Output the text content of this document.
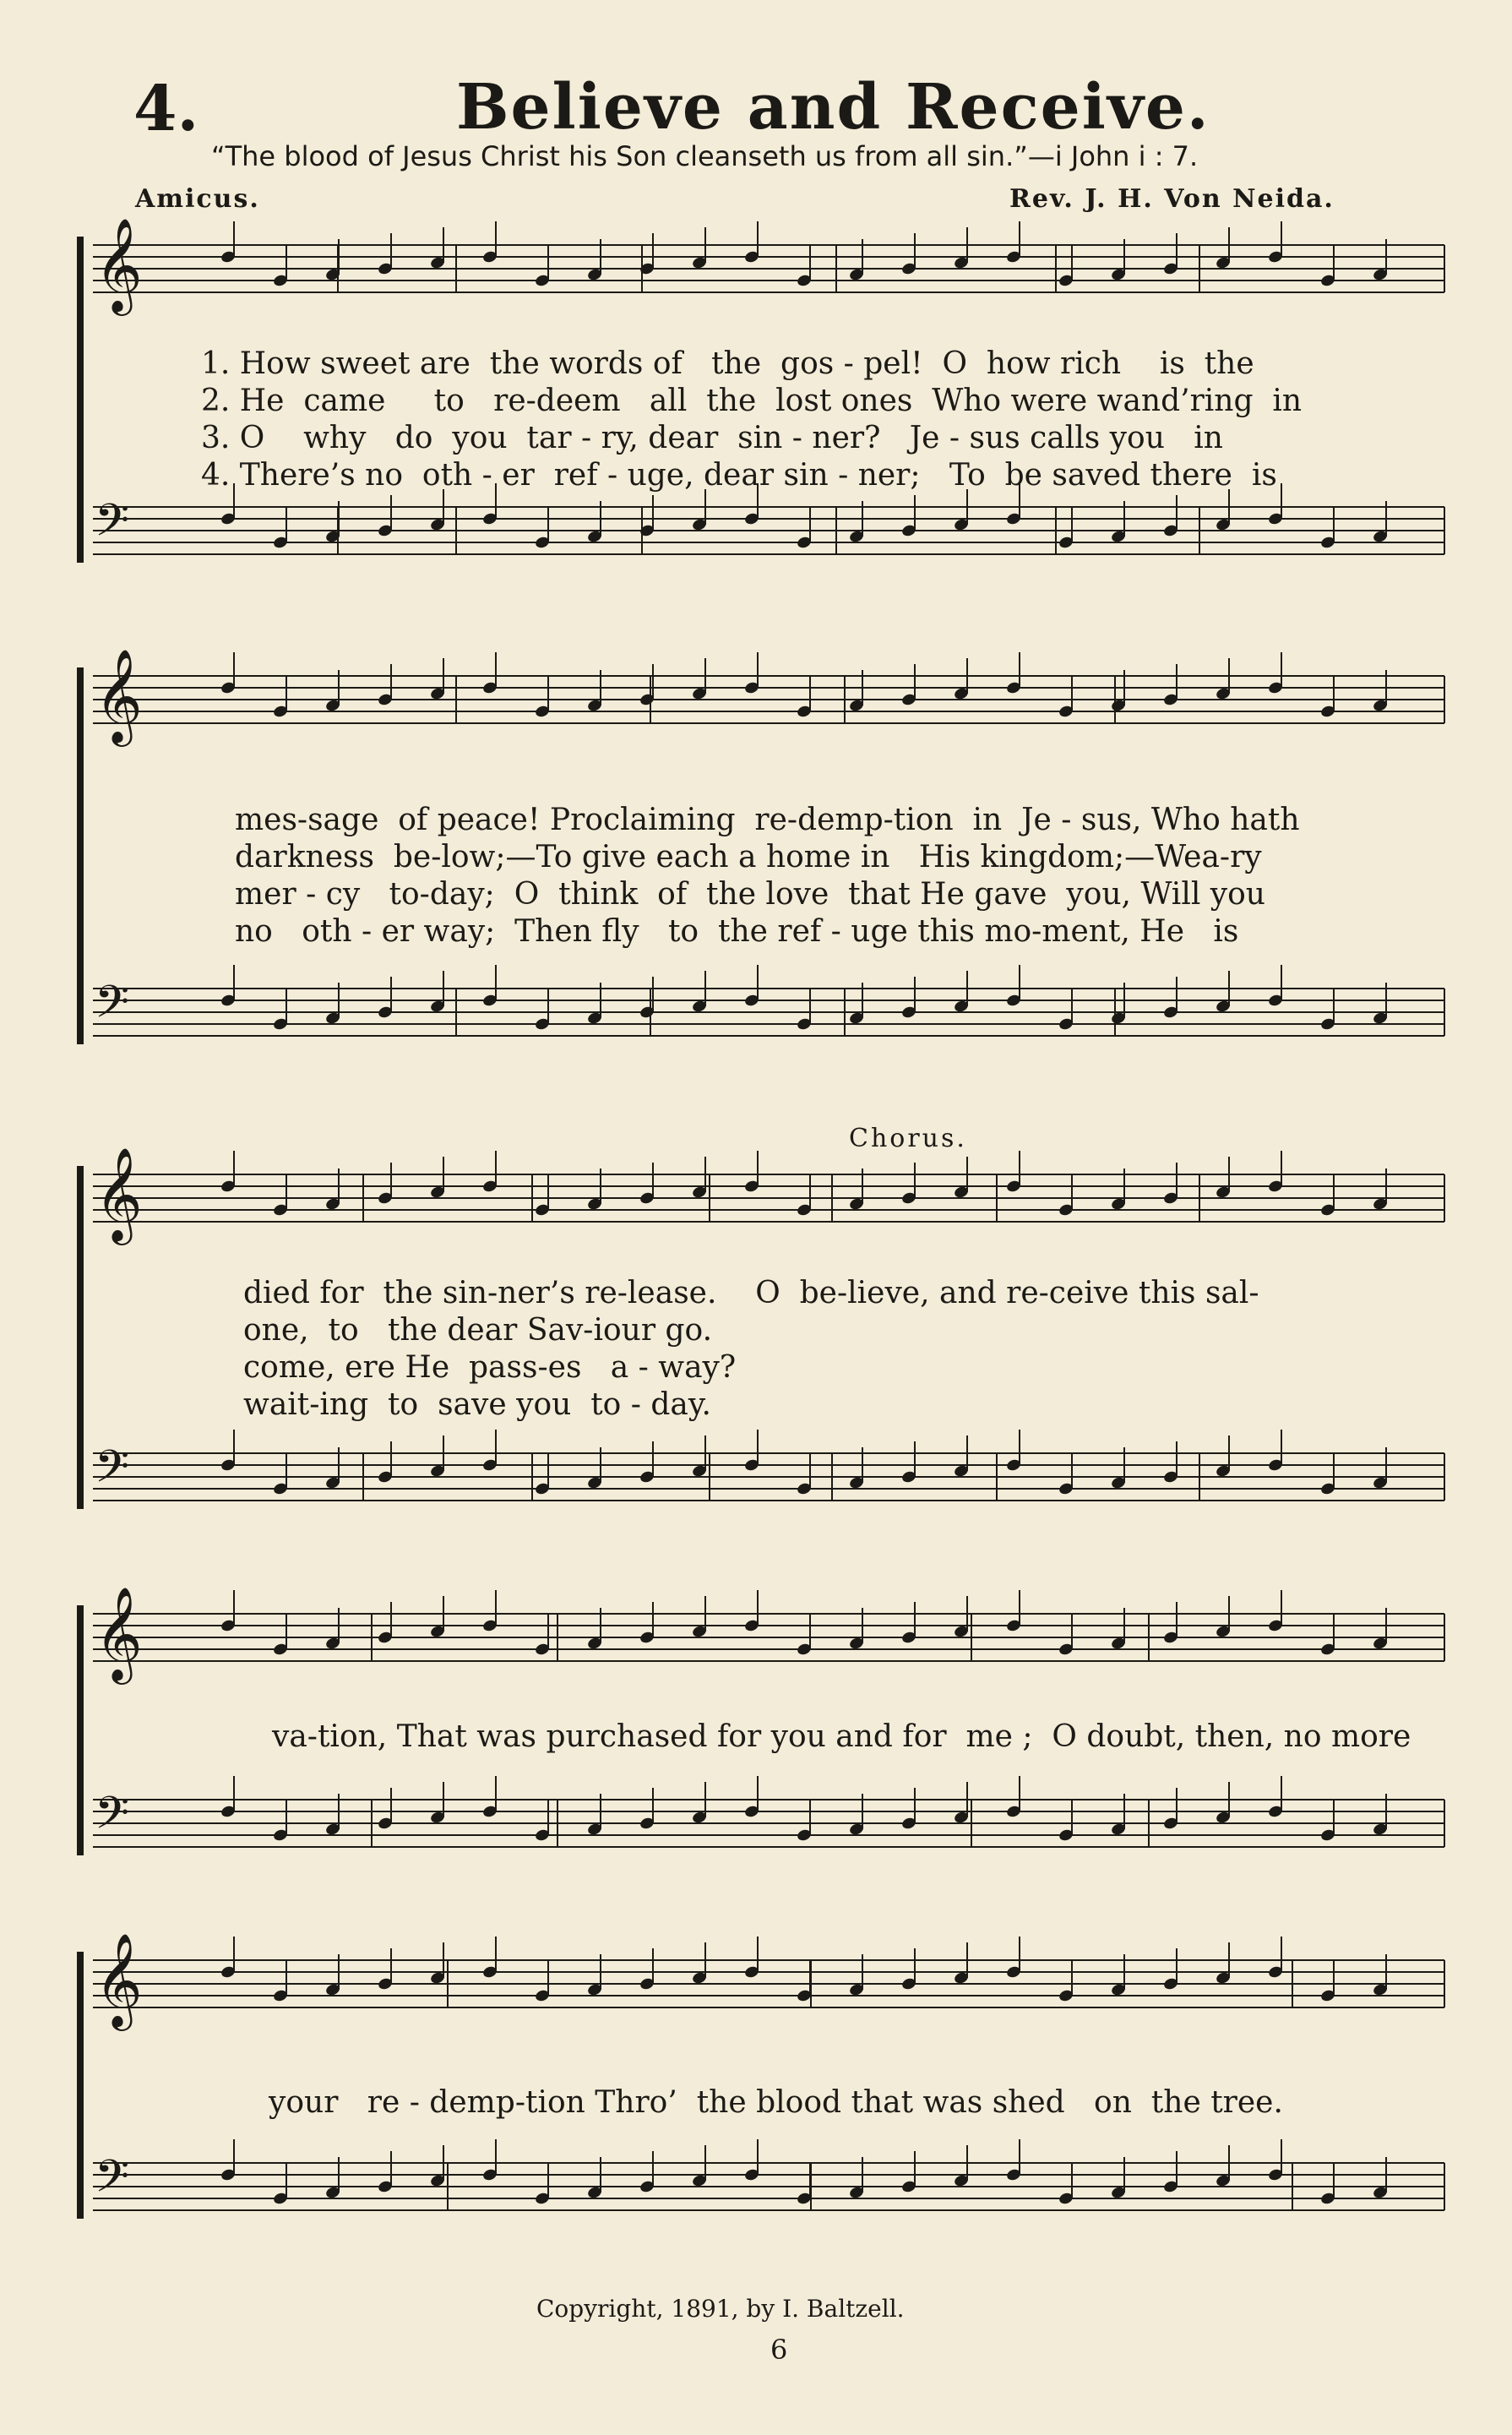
4.	Believe and Receive.
“The blood of Jesus Christ his Son cleanseth us from all sin.”—i John i : 7.
Amicus.	Rev. J. H. Von Neida.
𝄞
𝄢
𝄞
𝄢
𝄞
𝄢
𝄞
𝄢
𝄞
𝄢
1. How sweet are  the words of   the  gos - pel!  O  how rich    is  the
2. He  came     to   re-deem   all  the  lost ones  Who were wand’ring  in
3. O    why   do  you  tar - ry, dear  sin - ner?   Je - sus calls you   in
4. There’s no  oth - er  ref - uge, dear sin - ner;   To  be saved there  is
mes-sage  of peace! Proclaiming  re-demp-tion  in  Je - sus, Who hath
darkness  be-low;—To give each a home in   His kingdom;—Wea-ry
mer - cy   to-day;  O  think  of  the love  that He gave  you, Will you
no   oth - er way;  Then fly   to  the ref - uge this mo-ment, He   is
Chorus.
died for  the sin-ner’s re-lease.    O  be-lieve, and re-ceive this sal-
one,  to   the dear Sav-iour go.
come, ere He  pass-es   a - way?
wait-ing  to  save you  to - day.
va-tion, That was purchased for you and for  me ;  O doubt, then, no more
your   re - demp-tion Thro’  the blood that was shed   on  the tree.
Copyright, 1891, by I. Baltzell.
6
